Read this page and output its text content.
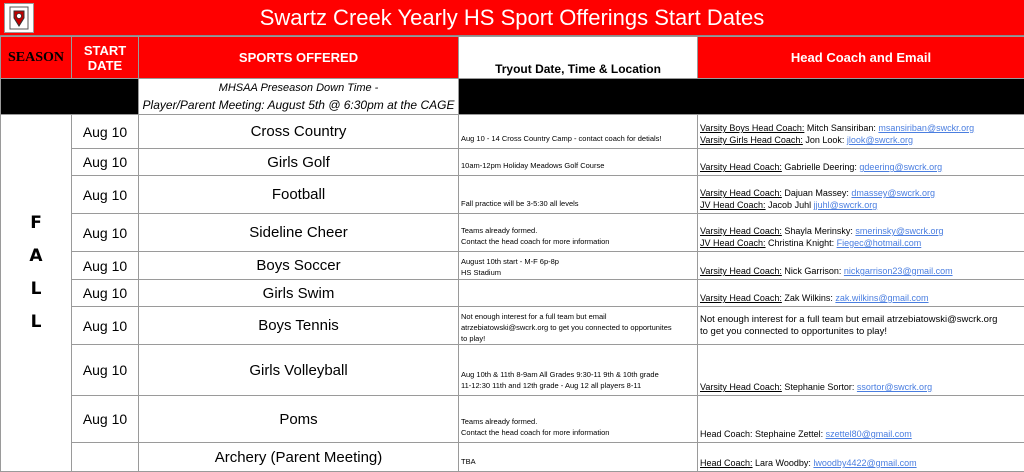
Swartz Creek Yearly HS Sport Offerings Start Dates
SEASON	START
DATE	SPORTS OFFERED	Tryout Date, Time & Location	Head Coach and Email

		MHSAA Preseason Down Time -
Player/Parent Meeting: August 5th @ 6:30pm at the CAGE		

F
A
L
L	Aug 10	Cross Country	Aug 10 - 14 Cross Country Camp - contact coach for detials!	Varsity Boys Head Coach: Mitch Sansiriban: msansiriban@swckr.org
Varsity Girls Head Coach: Jon Look: jlook@swcrk.org

	Aug 10	Girls Golf	10am-12pm Holiday Meadows Golf Course	Varsity Head Coach: Gabrielle Deering: gdeering@swcrk.org

	Aug 10	Football	Fall practice will be 3-5:30 all levels	Varsity Head Coach: Dajuan Massey: dmassey@swcrk.org
JV Head Coach: Jacob Juhl jjuhl@swcrk.org

	Aug 10	Sideline Cheer	Teams already formed.
Contact the head coach for more information	Varsity Head Coach: Shayla Merinsky: smerinsky@swcrk.org
JV Head Coach: Christina Knight: Fiegec@hotmail.com

	Aug 10	Boys Soccer	August 10th start - M-F 6p-8p
HS Stadium	Varsity Head Coach: Nick Garrison: nickgarrison23@gmail.com

	Aug 10	Girls Swim		Varsity Head Coach: Zak Wilkins: zak.wilkins@gmail.com

	Aug 10	Boys Tennis	Not enough interest for a full team but email
atrzebiatowski@swcrk.org to get you connected to opportunites
to play!	Not enough interest for a full team but email atrzebiatowski@swcrk.org
to get you connected to opportunites to play!

	Aug 10	Girls Volleyball	Aug 10th & 11th 8-9am All Grades 9:30-11 9th & 10th grade
11-12:30 11th and 12th grade - Aug 12 all players 8-11	Varsity Head Coach: Stephanie Sortor: ssortor@swcrk.org

	Aug 10	Poms	Teams already formed.
Contact the head coach for more information	Head Coach: Stephaine Zettel: szettel80@gmail.com

		Archery (Parent Meeting)	TBA	Head Coach: Lara Woodby: lwoodby4422@gmail.com
